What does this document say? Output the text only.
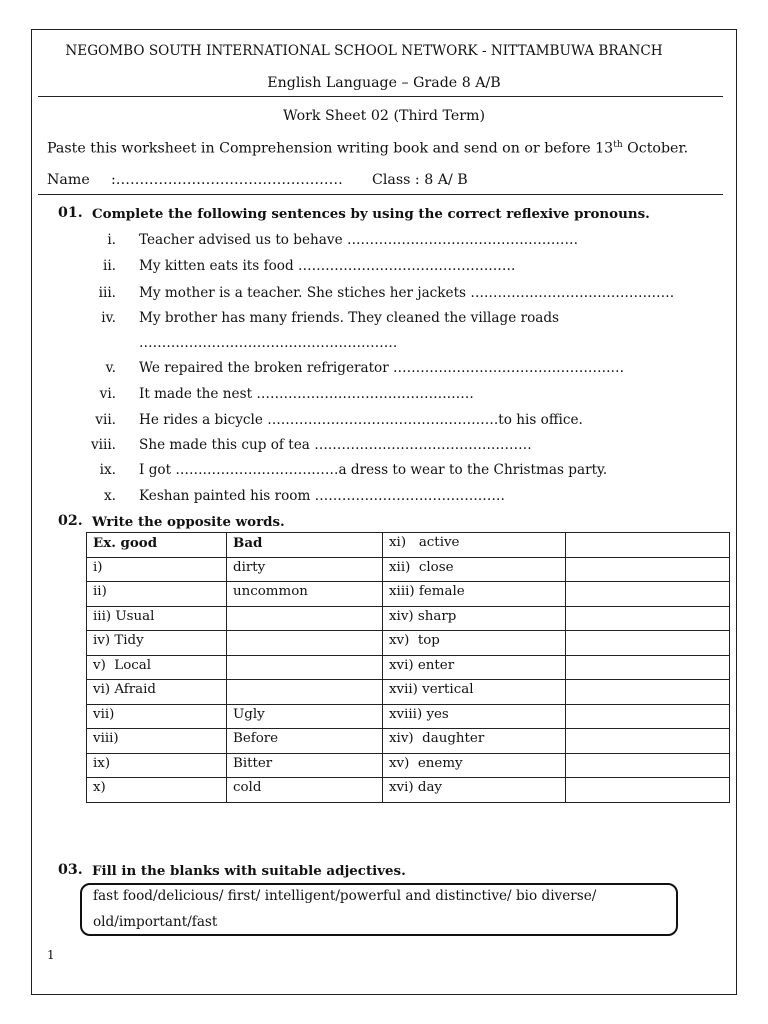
NEGOMBO SOUTH INTERNATIONAL SCHOOL NETWORK - NITTAMBUWA BRANCH
English Language – Grade 8 A/B
Work Sheet 02 (Third Term)
Paste this worksheet in Comprehension writing book and send on or before 13th October.
Name :………………………………………… Class : 8 A/ B
01. Complete the following sentences by using the correct reflexive pronouns.
i. Teacher advised us to behave ……………………………………………
ii. My kitten eats its food …………………………………………
iii. My mother is a teacher. She stiches her jackets ………………………………………
iv. My brother has many friends. They cleaned the village roads
…………………………………………………
v. We repaired the broken refrigerator ……………………………………………
vi. It made the nest …………………………………………
vii. He rides a bicycle ……………………………………………to his office.
viii. She made this cup of tea …………………………………………
ix. I got ………………………………a dress to wear to the Christmas party.
x. Keshan painted his room ……………………………………
02. Write the opposite words.
Ex. good	Bad	xi)   active	
i)	dirty	xii)  close	
ii)	uncommon	xiii) female	
iii) Usual		xiv) sharp	
iv) Tidy		xv)  top	
v)  Local		xvi) enter	
vi) Afraid		xvii) vertical	
vii)	Ugly	xviii) yes	
viii)	Before	xiv)  daughter	
ix)	Bitter	xv)  enemy	
x)	cold	xvi) day	
03. Fill in the blanks with suitable adjectives.
fast food/delicious/ first/ intelligent/powerful and distinctive/ bio diverse/
old/important/fast
1
